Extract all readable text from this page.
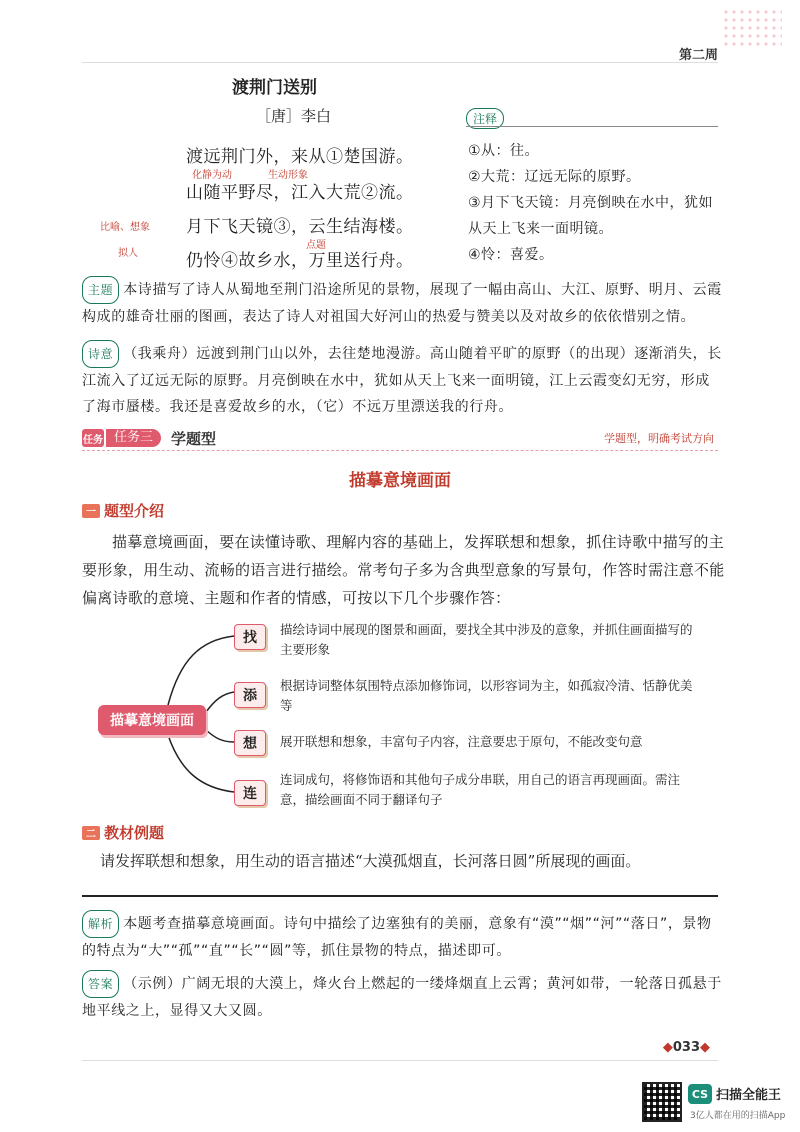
第二周
渡荆门送别
［唐］李白
化静为动	生动形象
比喻、想象
拟人
点题
渡远荆门外，来从①楚国游。
山随平野尽，江入大荒②流。
月下飞天镜③，云生结海楼。
仍怜④故乡水，万里送行舟。
注释
①从：往。
②大荒：辽远无际的原野。
③月下飞天镜：月亮倒映在水中，犹如
从天上飞来一面明镜。
④怜：喜爱。
主题 本诗描写了诗人从蜀地至荆门沿途所见的景物，展现了一幅由高山、大江、原野、明月、云霞构成的雄奇壮丽的图画，表达了诗人对祖国大好河山的热爱与赞美以及对故乡的依依惜别之情。
诗意 （我乘舟）远渡到荆门山以外，去往楚地漫游。高山随着平旷的原野（的出现）逐渐消失，长江流入了辽远无际的原野。月亮倒映在水中，犹如从天上飞来一面明镜，江上云霞变幻无穷，形成了海市蜃楼。我还是喜爱故乡的水，（它）不远万里漂送我的行舟。
任务 任务三	学题型	学题型，明确考试方向
描摹意境画面
一 题型介绍
描摹意境画面，要在读懂诗歌、理解内容的基础上，发挥联想和想象，抓住诗歌中描写的主要形象，用生动、流畅的语言进行描绘。常考句子多为含典型意象的写景句，作答时需注意不能偏离诗歌的意境、主题和作者的情感，可按以下几个步骤作答：
描摹意境画面
找
描绘诗词中展现的图景和画面，要找全其中涉及的意象，并抓住画面描写的主要形象
添
根据诗词整体氛围特点添加修饰词，以形容词为主，如孤寂冷清、恬静优美等
想	展开联想和想象，丰富句子内容，注意要忠于原句，不能改变句意
连
连词成句，将修饰语和其他句子成分串联，用自己的语言再现画面。需注意，描绘画面不同于翻译句子
二 教材例题
请发挥联想和想象，用生动的语言描述“大漠孤烟直，长河落日圆”所展现的画面。
解析 本题考查描摹意境画面。诗句中描绘了边塞独有的美丽，意象有“漠”“烟”“河”“落日”，景物的特点为“大”“孤”“直”“长”“圆”等，抓住景物的特点，描述即可。
答案 （示例）广阔无垠的大漠上，烽火台上燃起的一缕烽烟直上云霄；黄河如带，一轮落日孤悬于地平线之上，显得又大又圆。
◆033◆
CS 扫描全能王
3亿人都在用的扫描App
